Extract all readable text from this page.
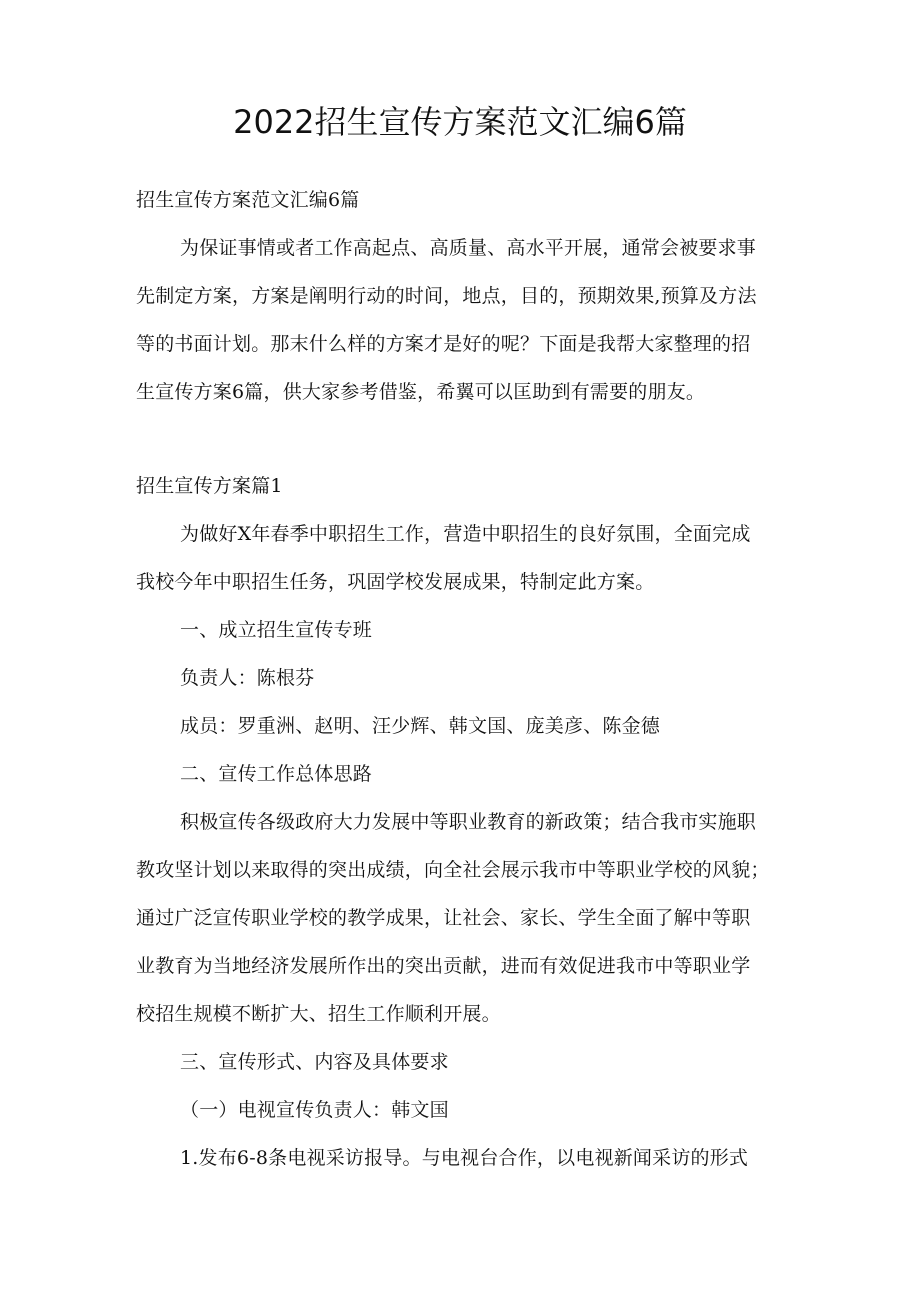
2022招生宣传方案范文汇编6篇

招生宣传方案范文汇编6篇

为保证事情或者工作高起点、高质量、高水平开展，通常会被要求事

先制定方案，方案是阐明行动的时间，地点，目的，预期效果,预算及方法

等的书面计划。那末什么样的方案才是好的呢？下面是我帮大家整理的招

生宣传方案6篇，供大家参考借鉴，希翼可以匡助到有需要的朋友。

招生宣传方案篇1

为做好X年春季中职招生工作，营造中职招生的良好氛围，全面完成

我校今年中职招生任务，巩固学校发展成果，特制定此方案。

一、成立招生宣传专班

负责人：陈根芬

成员：罗重洲、赵明、汪少辉、韩文国、庞美彦、陈金德

二、宣传工作总体思路

积极宣传各级政府大力发展中等职业教育的新政策；结合我市实施职

教攻坚计划以来取得的突出成绩，向全社会展示我市中等职业学校的风貌；

通过广泛宣传职业学校的教学成果，让社会、家长、学生全面了解中等职

业教育为当地经济发展所作出的突出贡献，进而有效促进我市中等职业学

校招生规模不断扩大、招生工作顺利开展。

三、宣传形式、内容及具体要求

（一）电视宣传负责人：韩文国

1.发布6-8条电视采访报导。与电视台合作，以电视新闻采访的形式
